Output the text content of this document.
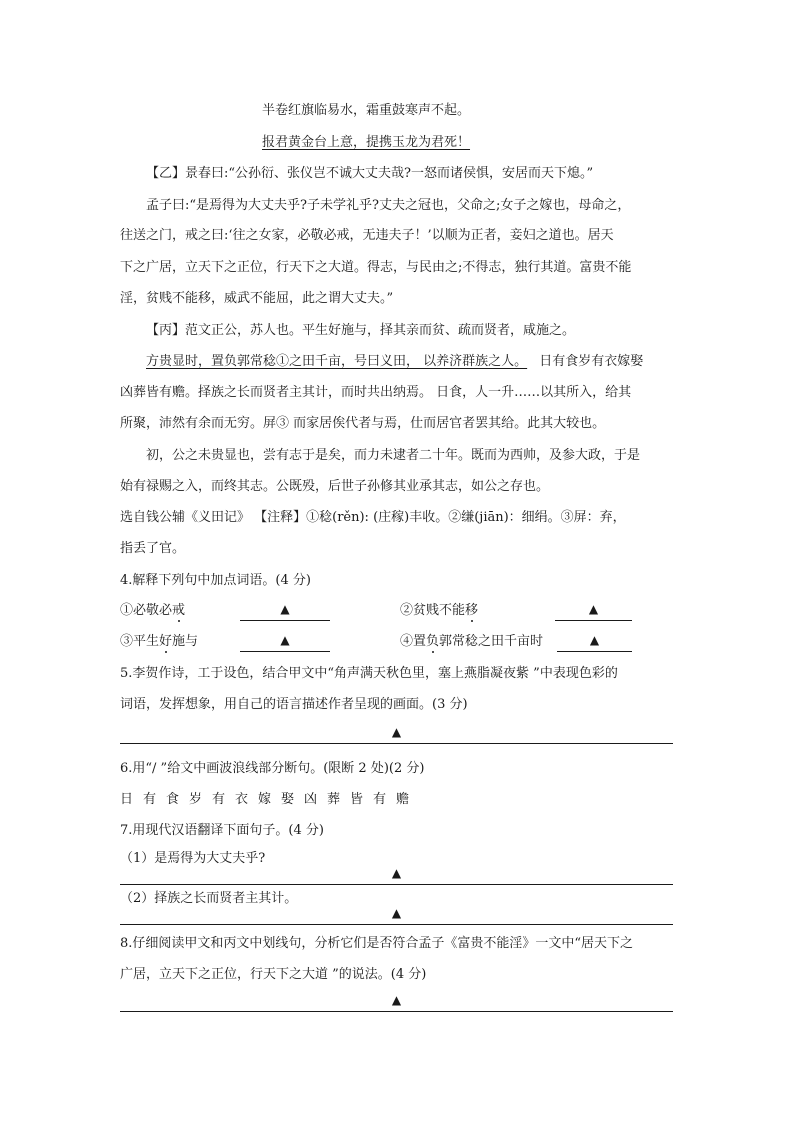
半卷红旗临易水，霜重鼓寒声不起。
报君黄金台上意，提携玉龙为君死！
【乙】景春曰:“公孙衍、张仪岂不诚大丈夫哉?一怒而诸侯惧，安居而天下熄。”
孟子曰:“是焉得为大丈夫乎?子未学礼乎?丈夫之冠也，父命之;女子之嫁也，母命之，
往送之门，戒之曰:‘往之女家，必敬必戒，无违夫子！’以顺为正者，妾妇之道也。居天
下之广居，立天下之正位，行天下之大道。得志，与民由之;不得志，独行其道。富贵不能
淫，贫贱不能移，威武不能屈，此之谓大丈夫。”
【丙】范文正公，苏人也。平生好施与，择其亲而贫、疏而贤者，咸施之。
方贵显时，置负郭常稔①之田千亩，号曰义田， 以养济群族之人。 日有食岁有衣嫁娶
凶葬皆有赡。择族之长而贤者主其计，而时共出纳焉。 日食，人一升……以其所入，给其
所聚，沛然有余而无穷。屏③ 而家居俟代者与焉，仕而居官者罢其给。此其大较也。
初，公之未贵显也，尝有志于是矣，而力未逮者二十年。既而为西帅，及参大政，于是
始有禄赐之入，而终其志。公既殁，后世子孙修其业承其志，如公之存也。
选自钱公辅《义田记》 【注释】①稔(rěn): (庄稼)丰收。②缣(jiān)：细绢。③屏：弃，
指丢了官。
4.解释下列句中加点词语。(4 分)
①必敬必戒	▲	②贫贱不能移	▲
③平生好施与	▲	④置负郭常稔之田千亩时	▲
5.李贺作诗，工于设色，结合甲文中“角声满天秋色里，塞上燕脂凝夜紫 ”中表现色彩的
词语，发挥想象，用自己的语言描述作者呈现的画面。(3 分)
▲
6.用“/ ”给文中画波浪线部分断句。(限断 2 处)(2 分)
日有食岁有衣嫁娶凶葬皆有赡
7.用现代汉语翻译下面句子。(4 分)
（1）是焉得为大丈夫乎?
▲
（2）择族之长而贤者主其计。
▲
8.仔细阅读甲文和丙文中划线句，分析它们是否符合孟子《富贵不能淫》一文中“居天下之
广居，立天下之正位，行天下之大道 ”的说法。(4 分)
▲
